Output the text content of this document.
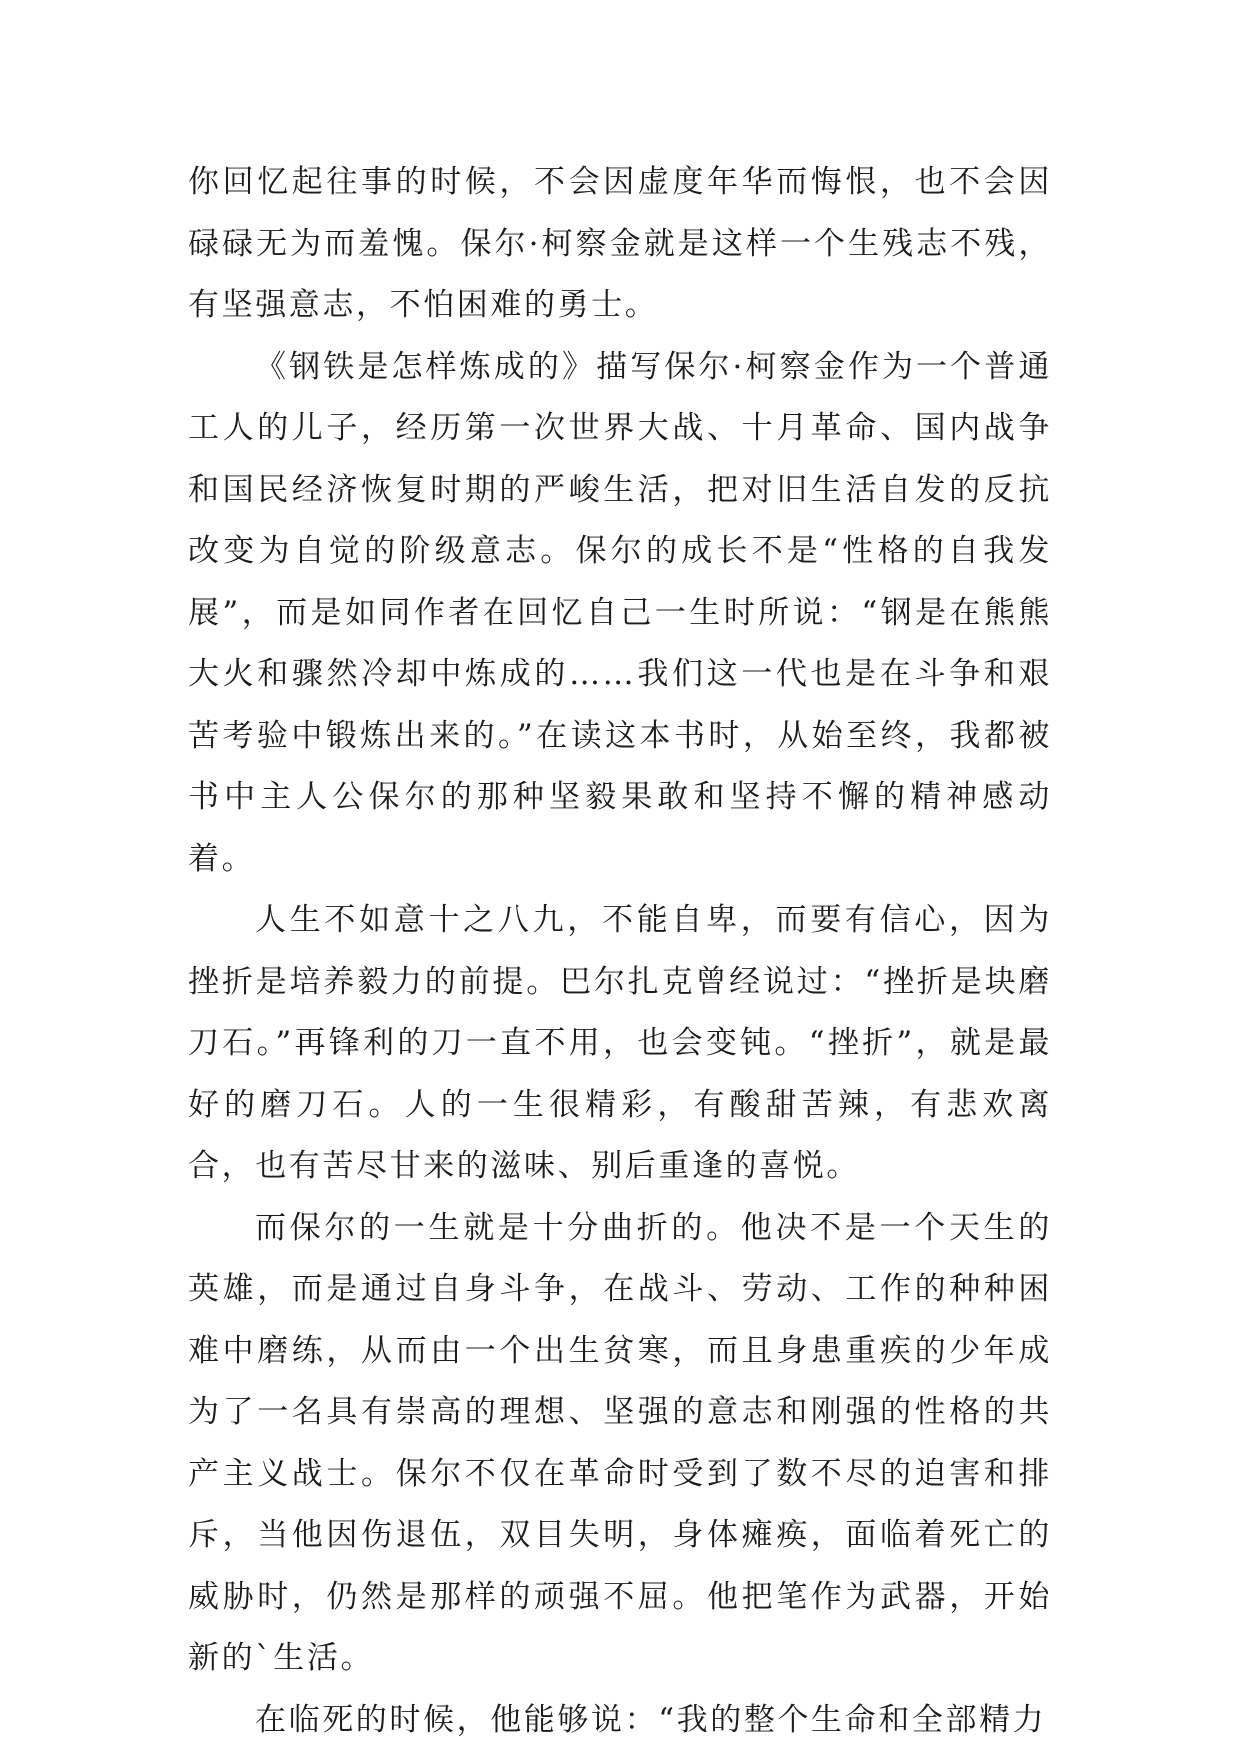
你回忆起往事的时候，不会因虚度年华而悔恨，也不会因碌碌无为而羞愧。保尔·柯察金就是这样一个生残志不残，有坚强意志，不怕困难的勇士。

《钢铁是怎样炼成的》描写保尔·柯察金作为一个普通工人的儿子，经历第一次世界大战、十月革命、国内战争和国民经济恢复时期的严峻生活，把对旧生活自发的反抗改变为自觉的阶级意志。保尔的成长不是“性格的自我发展”，而是如同作者在回忆自己一生时所说：“钢是在熊熊大火和骤然冷却中炼成的……我们这一代也是在斗争和艰苦考验中锻炼出来的。”在读这本书时，从始至终，我都被书中主人公保尔的那种坚毅果敢和坚持不懈的精神感动着。

人生不如意十之八九，不能自卑，而要有信心，因为挫折是培养毅力的前提。巴尔扎克曾经说过：“挫折是块磨刀石。”再锋利的刀一直不用，也会变钝。“挫折”，就是最好的磨刀石。人的一生很精彩，有酸甜苦辣，有悲欢离合，也有苦尽甘来的滋味、别后重逢的喜悦。

而保尔的一生就是十分曲折的。他决不是一个天生的英雄，而是通过自身斗争，在战斗、劳动、工作的种种困难中磨练，从而由一个出生贫寒，而且身患重疾的少年成为了一名具有崇高的理想、坚强的意志和刚强的性格的共产主义战士。保尔不仅在革命时受到了数不尽的迫害和排斥，当他因伤退伍，双目失明，身体瘫痪，面临着死亡的威胁时，仍然是那样的顽强不屈。他把笔作为武器，开始新的`生活。

在临死的时候，他能够说：“我的整个生命和全部精力
